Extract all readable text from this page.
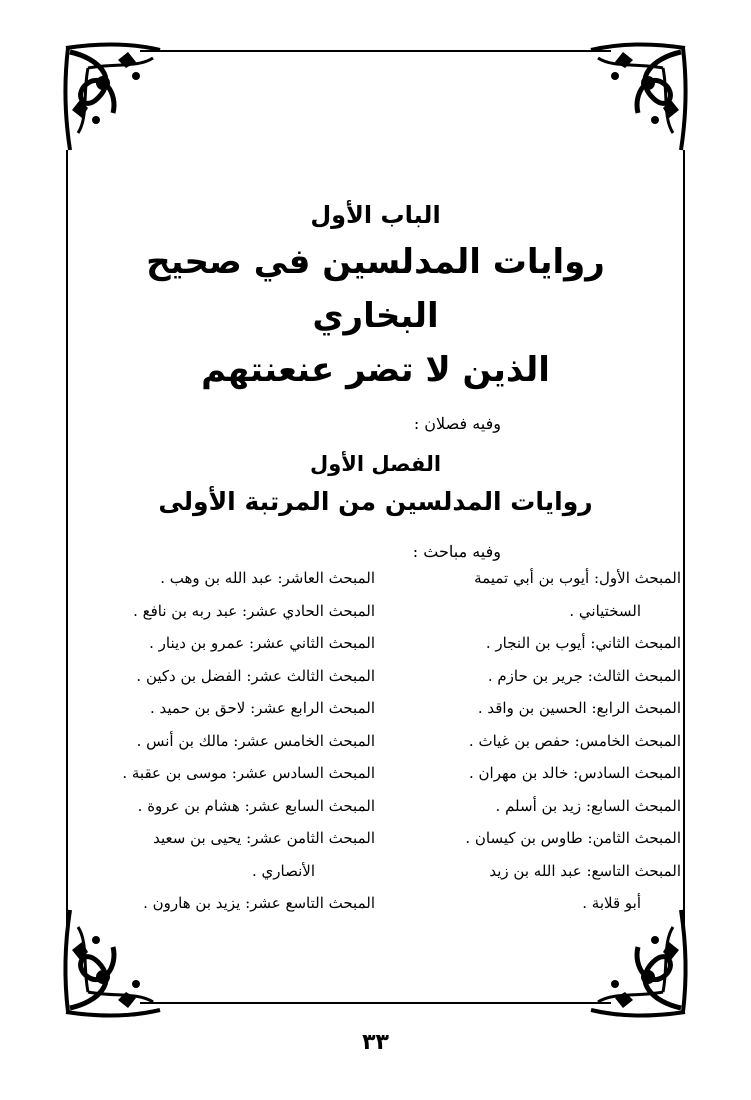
الباب الأول
روايات المدلسين في صحيح البخاري
الذين لا تضر عنعنتهم
وفيه فصلان :
الفصل الأول
روايات المدلسين من المرتبة الأولى
وفيه مباحث :
المبحث الأول: أيوب بن أبي تميمة
السختياني .
المبحث الثاني: أيوب بن النجار .
المبحث الثالث: جرير بن حازم .
المبحث الرابع: الحسين بن واقد .
المبحث الخامس: حفص بن غياث .
المبحث السادس: خالد بن مهران .
المبحث السابع: زيد بن أسلم .
المبحث الثامن: طاوس بن كيسان .
المبحث التاسع: عبد الله بن زيد
أبو قلابة .
المبحث العاشر: عبد الله بن وهب .
المبحث الحادي عشر: عبد ربه بن نافع .
المبحث الثاني عشر: عمرو بن دينار .
المبحث الثالث عشر: الفضل بن دكين .
المبحث الرابع عشر: لاحق بن حميد .
المبحث الخامس عشر: مالك بن أنس .
المبحث السادس عشر: موسى بن عقبة .
المبحث السابع عشر: هشام بن عروة .
المبحث الثامن عشر: يحيى بن سعيد
الأنصاري .
المبحث التاسع عشر: يزيد بن هارون .
٣٣
